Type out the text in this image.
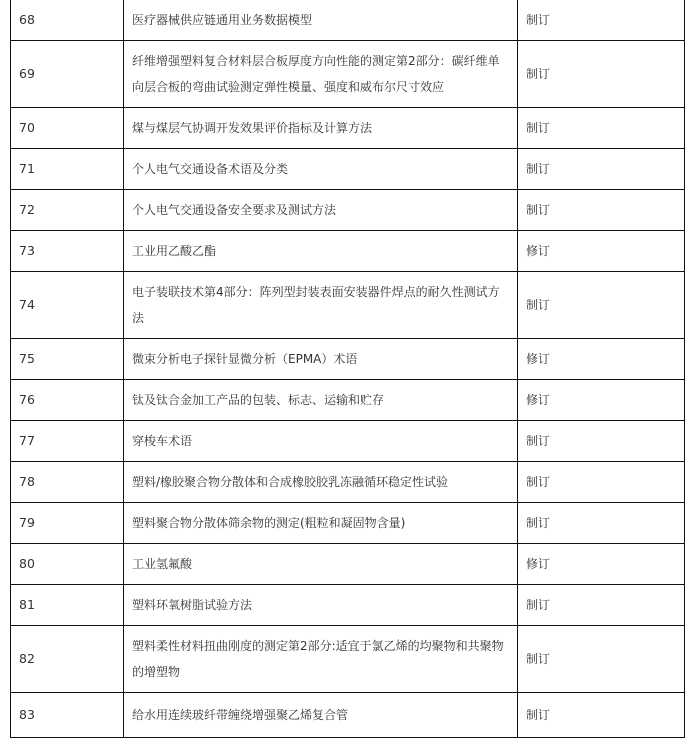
68	医疗器械供应链通用业务数据模型	制订
69	纤维增强塑料复合材料层合板厚度方向性能的测定第2部分：碳纤维单向层合板的弯曲试验测定弹性模量、强度和威布尔尺寸效应	制订
70	煤与煤层气协调开发效果评价指标及计算方法	制订
71	个人电气交通设备术语及分类	制订
72	个人电气交通设备安全要求及测试方法	制订
73	工业用乙酸乙酯	修订
74	电子装联技术第4部分：阵列型封装表面安装器件焊点的耐久性测试方法	制订
75	微束分析电子探针显微分析（EPMA）术语	修订
76	钛及钛合金加工产品的包装、标志、运输和贮存	修订
77	穿梭车术语	制订
78	塑料/橡胶聚合物分散体和合成橡胶胶乳冻融循环稳定性试验	制订
79	塑料聚合物分散体筛余物的测定(粗粒和凝固物含量)	制订
80	工业氢氟酸	修订
81	塑料环氧树脂试验方法	制订
82	塑料柔性材料扭曲刚度的测定第2部分:适宜于氯乙烯的均聚物和共聚物的增塑物	制订
83	给水用连续玻纤带缠绕增强聚乙烯复合管	制订
